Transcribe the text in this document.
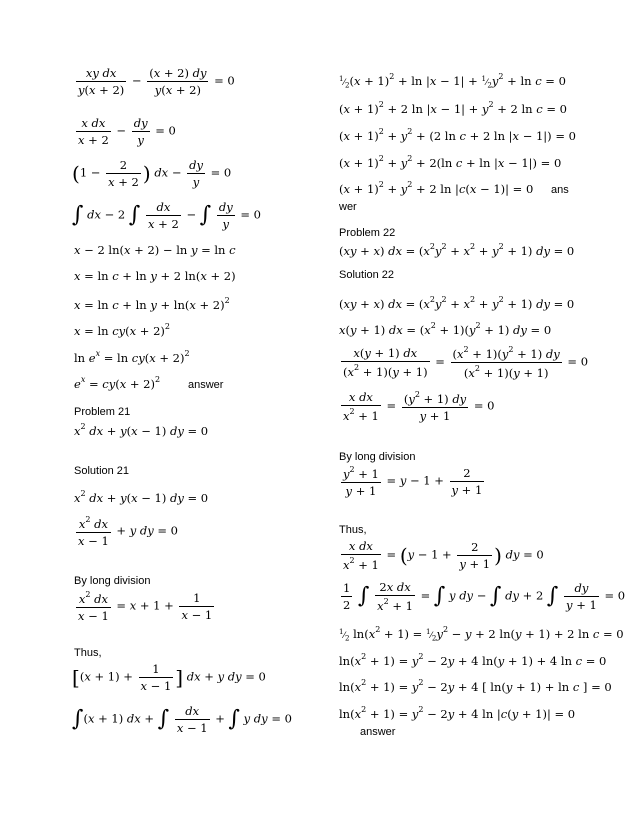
$\frac{\text{xy dx}}{y(x + 2)} - \frac{(x + 2) dy}{y(x + 2)} = 0$
$\frac{\text{x dx}}{x + 2} - \frac{dy}{y} = 0$
($1 - \frac{2}{x + 2}$ ) dx − $\frac{dy}{y} = 0$
∫ dx − 2 ∫ $\frac{dx}{x + 2}$ − ∫ $\frac{dy}{y} = 0$
x − 2 ln(x + 2) − ln y = ln c
x = ln c + ln y + 2 ln(x + 2)
$x = \ln c + \ln y + \ln(x + 2)^2$
$x = \ln cy(x + 2)^2$
$\ln e^x = \ln cy(x + 2)^2$
$e^x = cy(x + 2)^2$	answer
Problem 21
$x^2$ dx + y(x − 1) dy = 0
Solution 21
$x^2$ dx + y(x − 1) dy = 0
$\frac{x^2 dx}{x - 1} + y$ dy = 0
By long division
$\frac{x^2 dx}{x - 1} = x + 1 + \frac{1}{x - 1}$
Thus,
[$(x + 1) + \frac{1}{x - 1}$ ] dx + y dy = 0
∫(x + 1) dx + ∫ $\frac{dx}{x - 1}$ + ∫ y dy = 0
$^1⁄_2(x + 1)^2 + \ln |x - 1|$ + $^1⁄_2y^2 + \ln c = 0$
$(x + 1)^2 + 2$ $\ln |x - 1| + y^2 + 2$ ln c = 0
$(x + 1)^2 + y^2 + (2$ ln c + 2 ln |x − 1|) = 0
$(x + 1)^2 + y^2 + 2(\ln$ c + ln |x − 1|) = 0
$(x + 1)^2 + y^2 + 2$ ln |c(x − 1)| = 0 ans
wer
Problem 22
(xy + x) dx = $(x^2y^2 + x^2 + y^2 + 1)$ dy = 0
Solution 22
(xy + x) dx = $(x^2y^2 + x^2 + y^2 + 1)$ dy = 0
x(y + 1) dx = $(x^2 + 1)(y^2 + 1)$ dy = 0
$\frac{x(y + 1) dx}{(x^2 + 1)(y + 1)} = \frac{(x^2 + 1)(y^2 + 1) dy}{(x^2 + 1)(y + 1)} = 0$
$\frac{\text{x dx}}{x^2 + 1} = \frac{(y^2 + 1) dy}{y + 1} = 0$
By long division
$\frac{y^2 + 1}{y + 1} = y - 1 + \frac{2}{y + 1}$
Thus,
$\frac{\text{x dx}}{x^2 + 1} = (y - 1 + \frac{2}{y + 1}$ ) dy = 0
$\frac{1}{2}$ ∫ $\frac{\text{2x dx}}{x^2 + 1}$ = ∫ y dy − ∫ dy + 2 ∫ $\frac{dy}{y + 1} = 0$
$^1⁄_2$ $\ln(x^2 + 1)$ = $^1⁄_2y^2 - y + 2$ ln(y + 1) + 2 ln c = 0
$\ln(x^2 + 1) = y^2 - 2y + 4$ ln(y + 1) + 4 ln c = 0
$\ln(x^2 + 1) = y^2 - 2y + 4$ [ ln(y + 1) + ln c ] = 0
$\ln(x^2 + 1) = y^2 - 2y + 4$ ln |c(y + 1)| = 0
answer
